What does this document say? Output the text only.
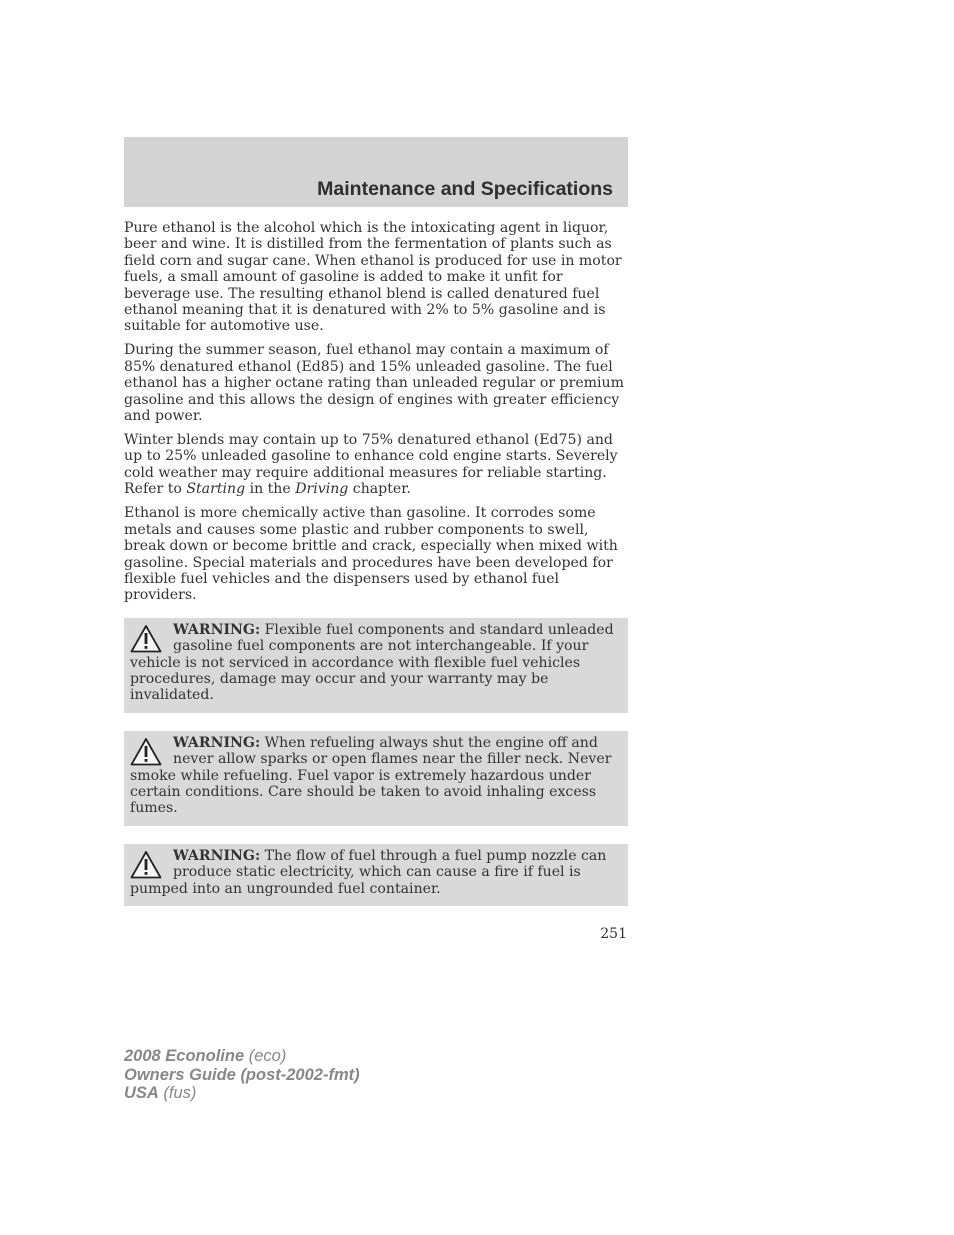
Maintenance and Specifications

Pure ethanol is the alcohol which is the intoxicating agent in liquor, beer and wine. It is distilled from the fermentation of plants such as field corn and sugar cane. When ethanol is produced for use in motor fuels, a small amount of gasoline is added to make it unfit for beverage use. The resulting ethanol blend is called denatured fuel ethanol meaning that it is denatured with 2% to 5% gasoline and is suitable for automotive use.

During the summer season, fuel ethanol may contain a maximum of 85% denatured ethanol (Ed85) and 15% unleaded gasoline. The fuel ethanol has a higher octane rating than unleaded regular or premium gasoline and this allows the design of engines with greater efficiency and power.

Winter blends may contain up to 75% denatured ethanol (Ed75) and up to 25% unleaded gasoline to enhance cold engine starts. Severely cold weather may require additional measures for reliable starting. Refer to Starting in the Driving chapter.

Ethanol is more chemically active than gasoline. It corrodes some metals and causes some plastic and rubber components to swell, break down or become brittle and crack, especially when mixed with gasoline. Special materials and procedures have been developed for flexible fuel vehicles and the dispensers used by ethanol fuel providers.

WARNING: Flexible fuel components and standard unleaded gasoline fuel components are not interchangeable. If your vehicle is not serviced in accordance with flexible fuel vehicles procedures, damage may occur and your warranty may be invalidated.
WARNING: When refueling always shut the engine off and never allow sparks or open flames near the filler neck. Never smoke while refueling. Fuel vapor is extremely hazardous under certain conditions. Care should be taken to avoid inhaling excess fumes.
WARNING: The flow of fuel through a fuel pump nozzle can produce static electricity, which can cause a fire if fuel is pumped into an ungrounded fuel container.
251
2008 Econoline (eco)
Owners Guide (post-2002-fmt)
USA (fus)
